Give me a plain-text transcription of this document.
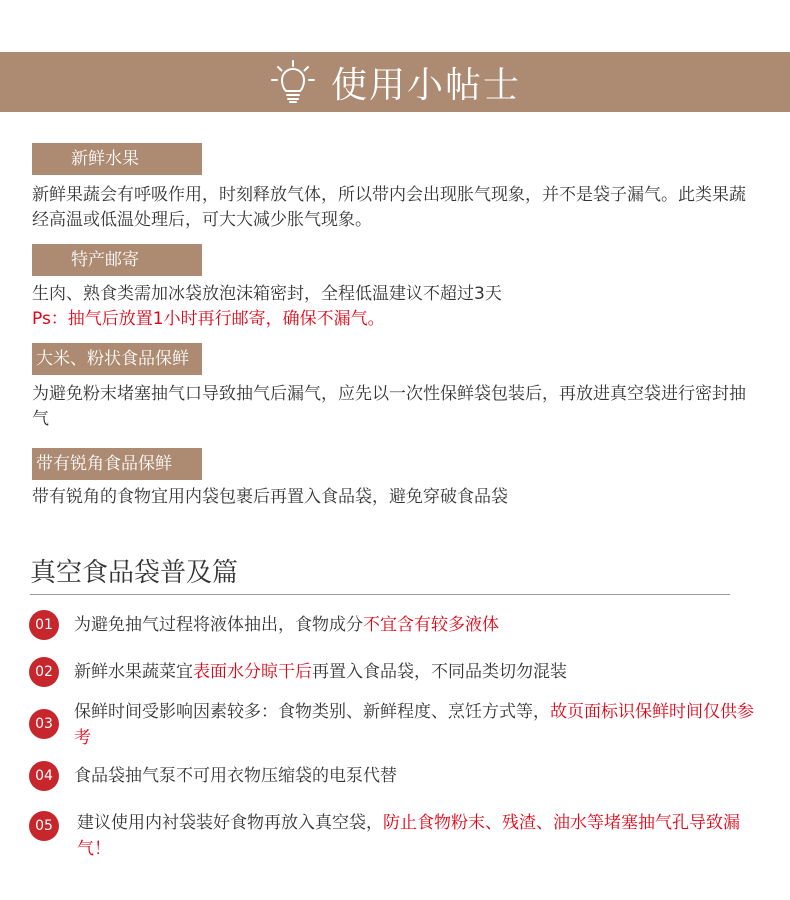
使用小帖士
新鲜水果
新鲜果蔬会有呼吸作用，时刻释放气体，所以带内会出现胀气现象，并不是袋子漏气。此类果蔬经高温或低温处理后，可大大减少胀气现象。
特产邮寄
生肉、熟食类需加冰袋放泡沫箱密封，全程低温建议不超过3天
Ps：抽气后放置1小时再行邮寄，确保不漏气。
大米、粉状食品保鲜
为避免粉末堵塞抽气口导致抽气后漏气，应先以一次性保鲜袋包装后，再放进真空袋进行密封抽气
带有锐角食品保鲜
带有锐角的食物宜用内袋包裹后再置入食品袋，避免穿破食品袋
真空食品袋普及篇
01	为避免抽气过程将液体抽出，食物成分不宜含有较多液体
02	新鲜水果蔬菜宜表面水分晾干后再置入食品袋，不同品类切勿混装
03
保鲜时间受影响因素较多：食物类别、新鲜程度、烹饪方式等，故页面标识保鲜时间仅供参考
04	食品袋抽气泵不可用衣物压缩袋的电泵代替
05	建议使用内衬袋装好食物再放入真空袋，防止食物粉末、残渣、油水等堵塞抽气孔导致漏气！
